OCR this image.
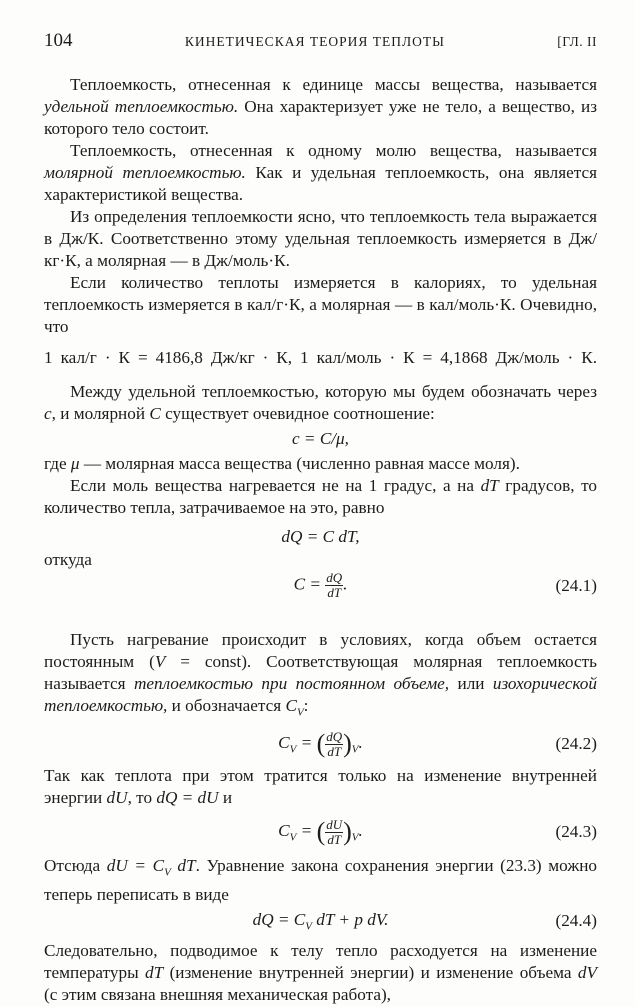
104	КИНЕТИЧЕСКАЯ ТЕОРИЯ ТЕПЛОТЫ	[ГЛ. II

Теплоемкость, отнесенная к единице массы вещества, называется удельной теплоемкостью. Она характеризует уже не тело, а вещество, из которого тело состоит.

Теплоемкость, отнесенная к одному молю вещества, называется молярной теплоемкостью. Как и удельная теплоемкость, она является характеристикой вещества.

Из определения теплоемкости ясно, что теплоемкость тела выражается в Дж/К. Соответственно этому удельная теплоемкость измеряется в Дж/кг·К, а молярная — в Дж/моль·К.

Если количество теплоты измеряется в калориях, то удельная теплоемкость измеряется в кал/г·К, а молярная — в кал/моль·К. Очевидно, что

1 кал/г · К = 4186,8 Дж/кг · К, 1 кал/моль · К = 4,1868 Дж/моль · К.

Между удельной теплоемкостью, которую мы будем обозначать через c, и молярной C существует очевидное соотношение:

c = C/μ,

где μ — молярная масса вещества (численно равная массе моля).

Если моль вещества нагревается не на 1 градус, а на dT градусов, то количество тепла, затрачиваемое на это, равно

dQ = C dT,

откуда

$C = \frac{dQ}{dT}$ .	(24.1)

Пусть нагревание происходит в условиях, когда объем остается постоянным (V = const). Соответствующая молярная теплоемкость называется теплоемкостью при постоянном объеме, или изохорической теплоемкостью, и обозначается $C_V$:

$C_V$ = ( $\frac{dQ}{dT} )_V$.	(24.2)

Так как теплота при этом тратится только на изменение внутренней энергии dU, то dQ = dU и

$C_V$ = ( $\frac{dU}{dT} )_V$.	(24.3)

Отсюда dU = $C_V$ dT. Уравнение закона сохранения энергии (23.3) можно теперь переписать в виде

dQ = $C_V$ dT + p dV.	(24.4)

Следовательно, подводимое к телу тепло расходуется на изменение температуры dT (изменение внутренней энергии) и изменение объема dV (с этим связана внешняя механическая работа),
